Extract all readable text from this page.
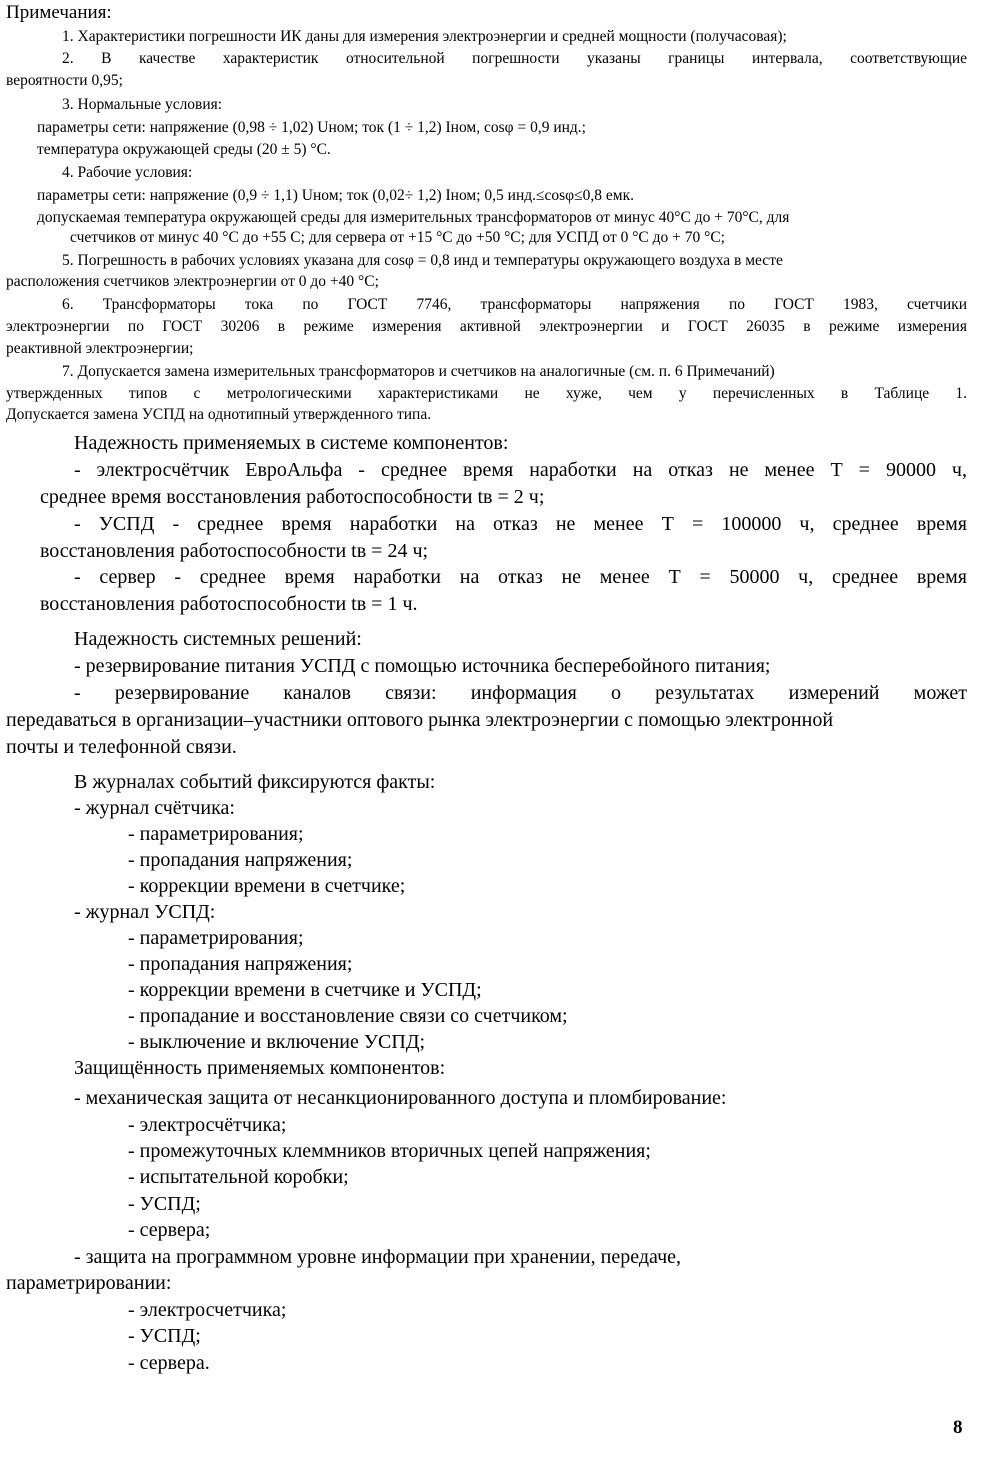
Примечания:
1. Характеристики погрешности ИК даны для измерения электроэнергии и средней мощности (получасовая);
2. В качестве характеристик относительной погрешности указаны границы интервала, соответствующие
вероятности 0,95;
3. Нормальные условия:
параметры сети: напряжение (0,98 ÷ 1,02) Uном; ток (1 ÷ 1,2) Iном, cosφ = 0,9 инд.;
температура окружающей среды (20 ± 5) °С.
4. Рабочие условия:
параметры сети: напряжение (0,9 ÷ 1,1) Uном; ток (0,02÷ 1,2) Iном; 0,5 инд.≤cosφ≤0,8 емк.
допускаемая температура окружающей среды для измерительных трансформаторов от минус 40°С до + 70°С, для
счетчиков от минус 40 °С до +55 С; для сервера от +15 °С до +50 °С; для УСПД от 0 °С до + 70 °С;
5. Погрешность в рабочих условиях указана для cosφ = 0,8 инд и температуры окружающего воздуха в месте
расположения счетчиков электроэнергии от 0 до +40 °С;
6. Трансформаторы тока по ГОСТ 7746, трансформаторы напряжения по ГОСТ 1983, счетчики
электроэнергии по ГОСТ 30206 в режиме измерения активной электроэнергии и ГОСТ 26035 в режиме измерения
реактивной электроэнергии;
7. Допускается замена измерительных трансформаторов и счетчиков на аналогичные (см. п. 6 Примечаний)
утвержденных типов с метрологическими характеристиками не хуже, чем у перечисленных в Таблице 1.
Допускается замена УСПД на однотипный утвержденного типа.
Надежность применяемых в системе компонентов:
- электросчётчик ЕвроАльфа - среднее время наработки на отказ не менее Т = 90000 ч,
среднее время восстановления работоспособности tв = 2 ч;
- УСПД - среднее время наработки на отказ не менее Т = 100000 ч, среднее время
восстановления работоспособности tв = 24 ч;
- сервер - среднее время наработки на отказ не менее Т = 50000 ч, среднее время
восстановления работоспособности tв = 1 ч.
Надежность системных решений:
- резервирование питания УСПД с помощью источника бесперебойного питания;
- резервирование каналов связи: информация о результатах измерений может
передаваться в организации–участники оптового рынка электроэнергии с помощью электронной
почты и телефонной связи.
В журналах событий фиксируются факты:
- журнал счётчика:
- параметрирования;
- пропадания напряжения;
- коррекции времени в счетчике;
- журнал УСПД:
- параметрирования;
- пропадания напряжения;
- коррекции времени в счетчике и УСПД;
- пропадание и восстановление связи со счетчиком;
- выключение и включение УСПД;
Защищённость применяемых компонентов:
- механическая защита от несанкционированного доступа и пломбирование:
- электросчётчика;
- промежуточных клеммников вторичных цепей напряжения;
- испытательной коробки;
- УСПД;
- сервера;
- защита на программном уровне информации при хранении, передаче,
параметрировании:
- электросчетчика;
- УСПД;
- сервера.
8
